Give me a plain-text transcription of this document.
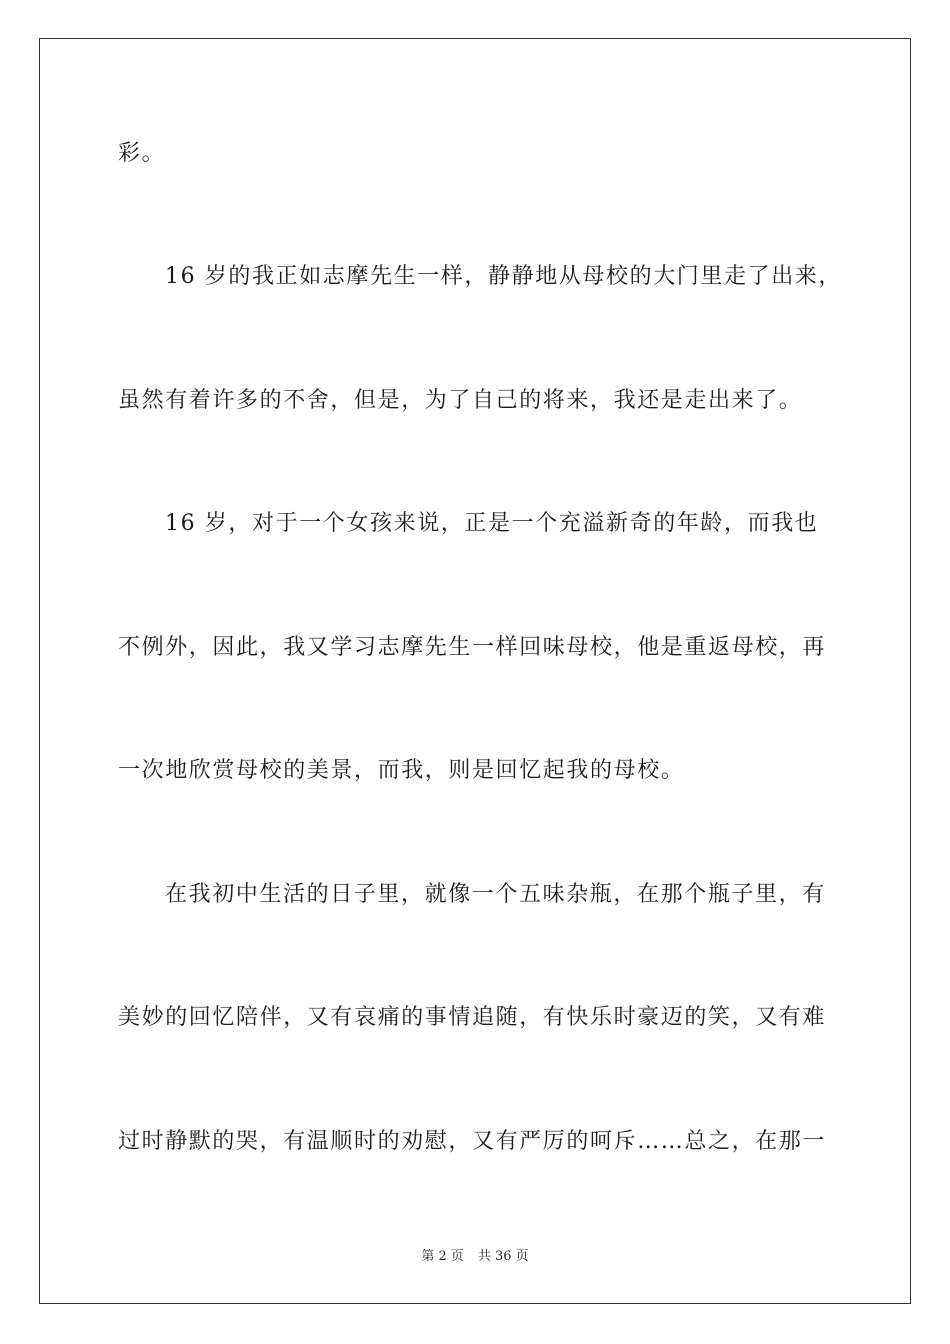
彩。
16 岁的我正如志摩先生一样，静静地从母校的大门里走了出来，
虽然有着许多的不舍，但是，为了自己的将来，我还是走出来了。
16 岁，对于一个女孩来说，正是一个充溢新奇的年龄，而我也
不例外，因此，我又学习志摩先生一样回味母校，他是重返母校，再
一次地欣赏母校的美景，而我，则是回忆起我的母校。
在我初中生活的日子里，就像一个五味杂瓶，在那个瓶子里，有
美妙的回忆陪伴，又有哀痛的事情追随，有快乐时豪迈的笑，又有难
过时静默的哭，有温顺时的劝慰，又有严厉的呵斥……总之，在那一
第 2 页 共 36 页
